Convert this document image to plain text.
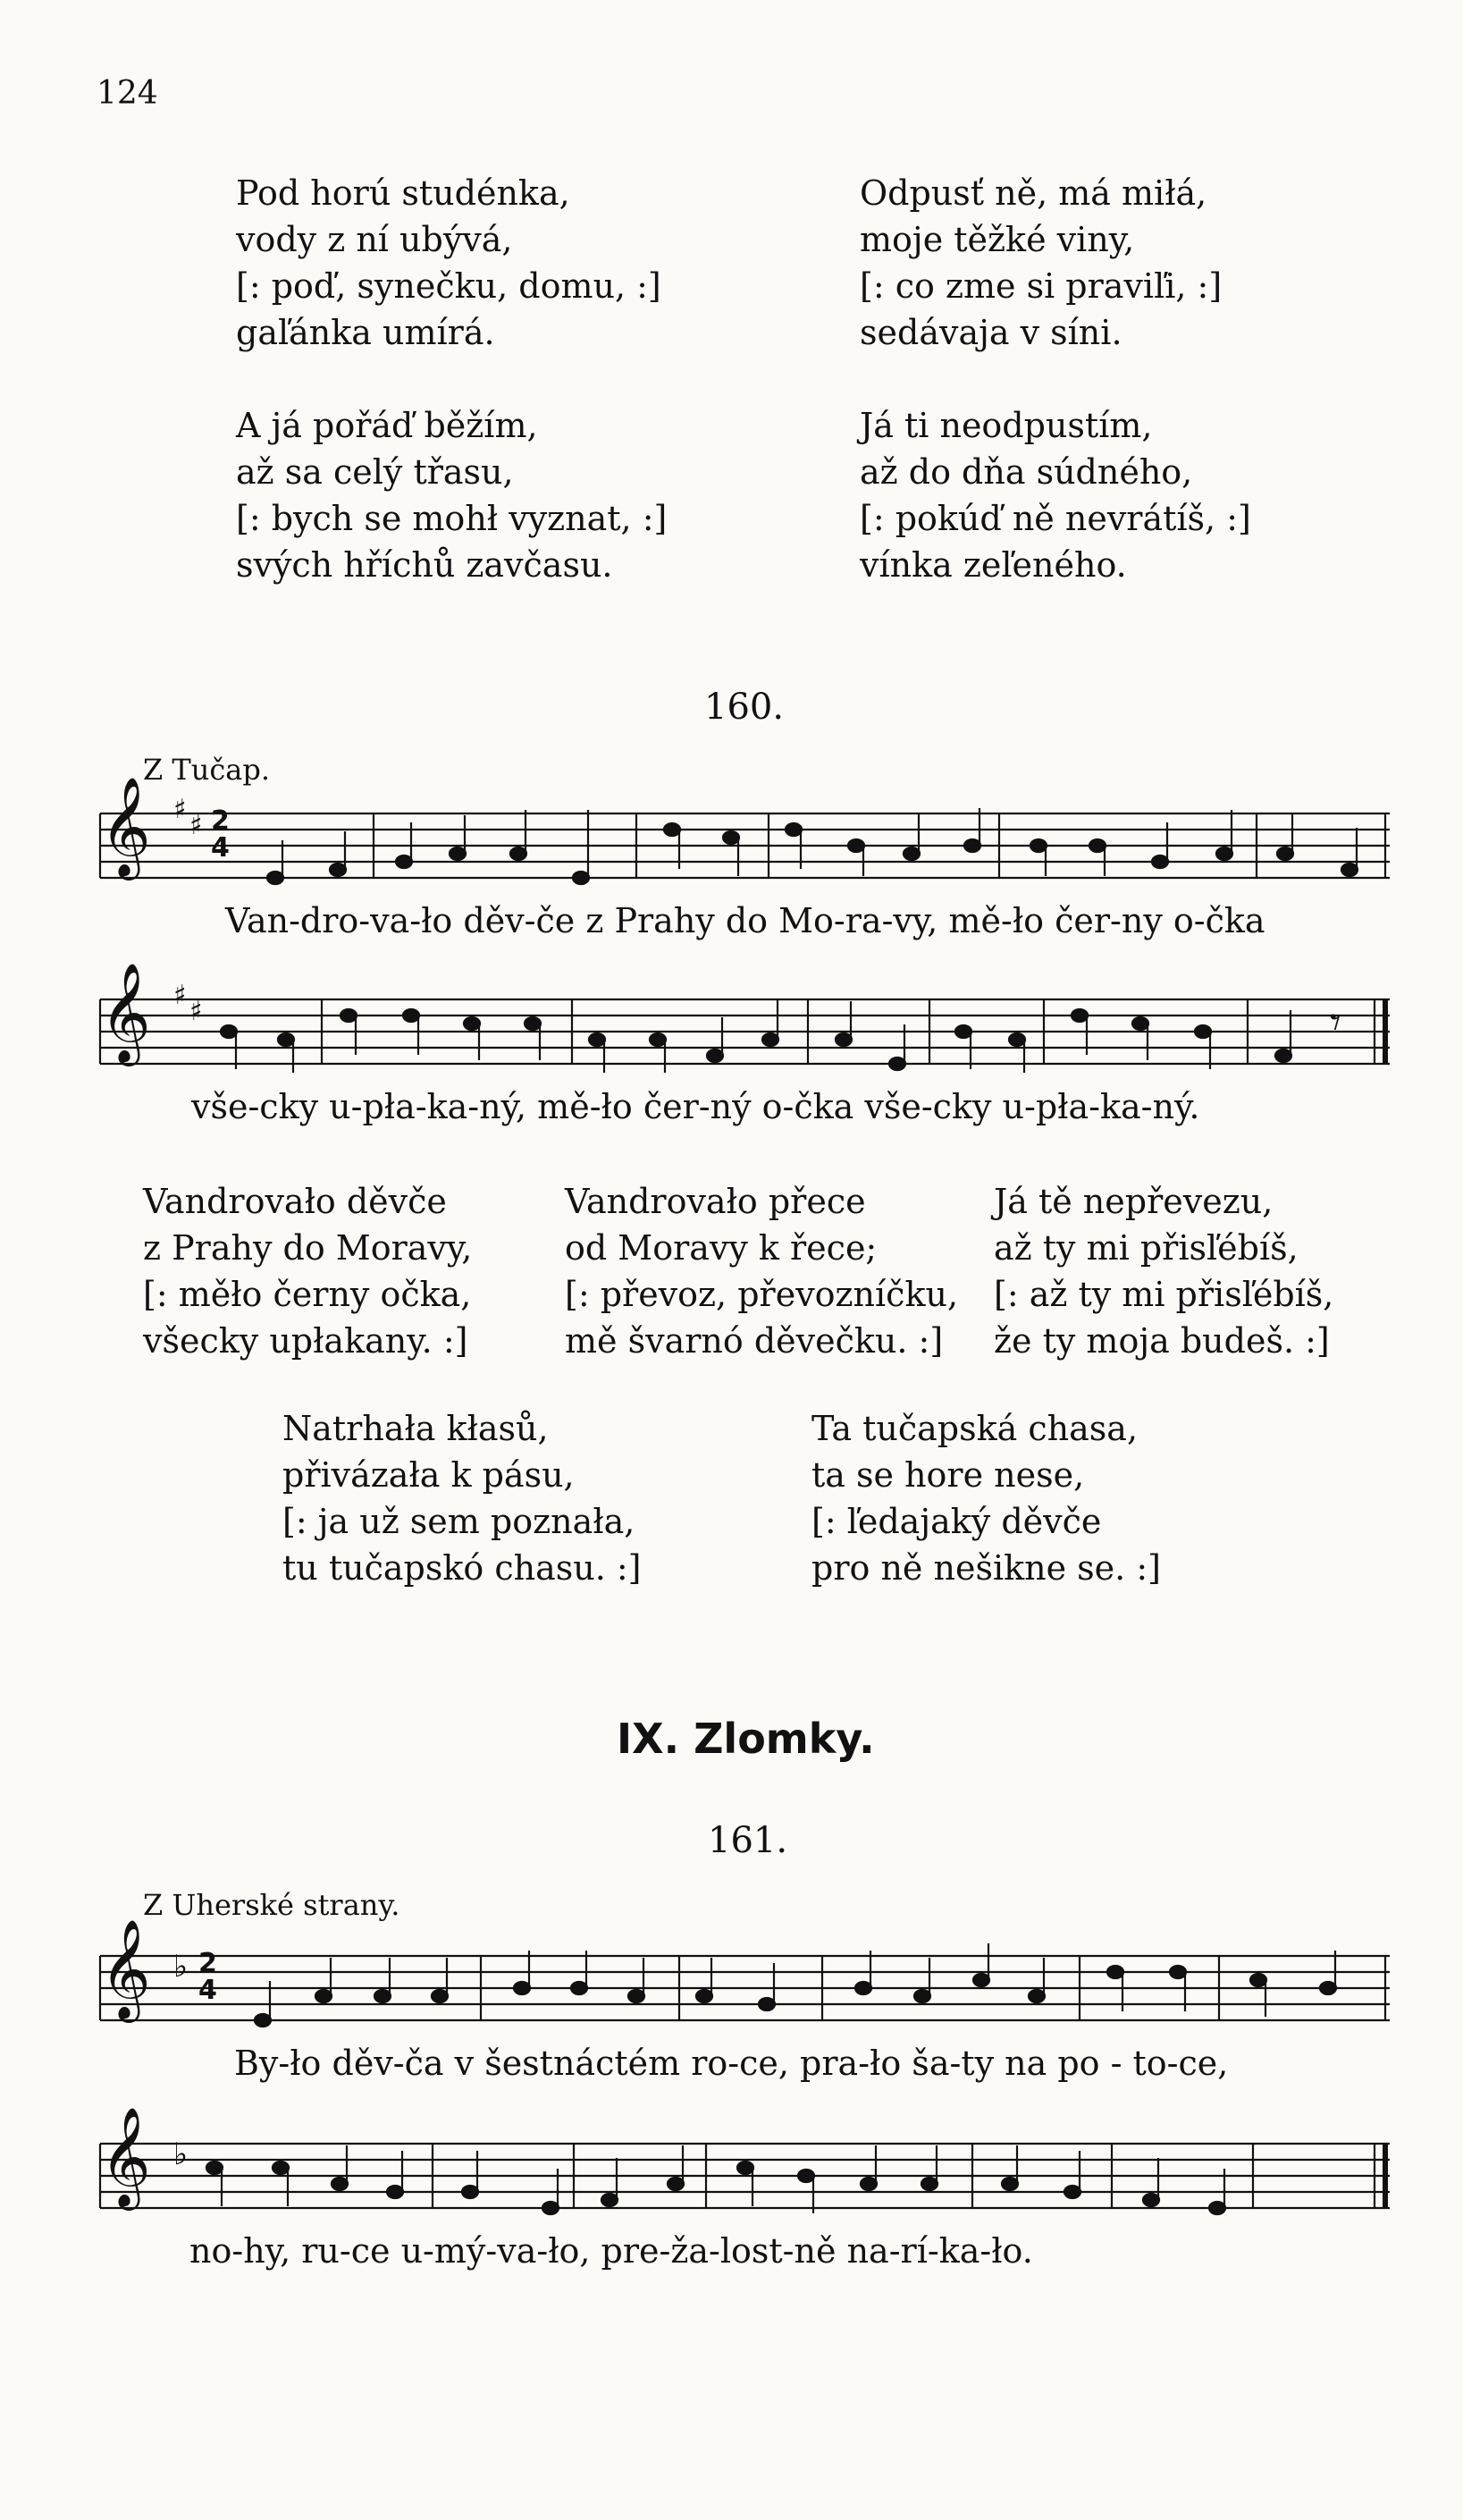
124
Pod horú studénka,
vody z ní ubývá,
[: poď, synečku, domu, :]
gaľánka umírá.
A já pořáď běžím,
až sa celý třasu,
[: bych se mohł vyznat, :]
svých hříchů zavčasu.
Odpusť ně, má miłá,
moje těžké viny,
[: co zme si praviľi, :]
sedávaja v síni.
Já ti neodpustím,
až do dňa súdného,
[: pokúď ně nevrátíš, :]
vínka zeľeného.
160.
Z Tučap.
𝄞 ♯
♯ 2
4
Van-dro-va-ło děv-če z Prahy do Mo-ra-vy, mě-ło čer-ny o-čka
𝄞 ♯
♯	𝄾
vše-cky u-pła-ka-ný, mě-ło čer-ný o-čka vše-cky u-pła-ka-ný.
Vandrovało děvče
z Prahy do Moravy,
[: měło černy očka,
všecky upłakany. :]
Vandrovało přece
od Moravy k řece;
[: převoz, převozníčku,
mě švarnó děvečku. :]
Já tě nepřevezu,
až ty mi přisľébíš,
[: až ty mi přisľébíš,
že ty moja budeš. :]
Natrhała kłasů,
přivázała k pásu,
[: ja už sem poznała,
tu tučapskó chasu. :]
Ta tučapská chasa,
ta se hore nese,
[: ľedajaký děvče
pro ně nešikne se. :]
IX. Zlomky.
161.
Z Uherské strany.
𝄞 ♭ 2
4
By-ło děv-ča v šestnáctém ro-ce, pra-ło ša-ty na po - to-ce,
𝄞 ♭
no-hy, ru-ce u-mý-va-ło, pre-ža-lost-ně na-rí-ka-ło.
